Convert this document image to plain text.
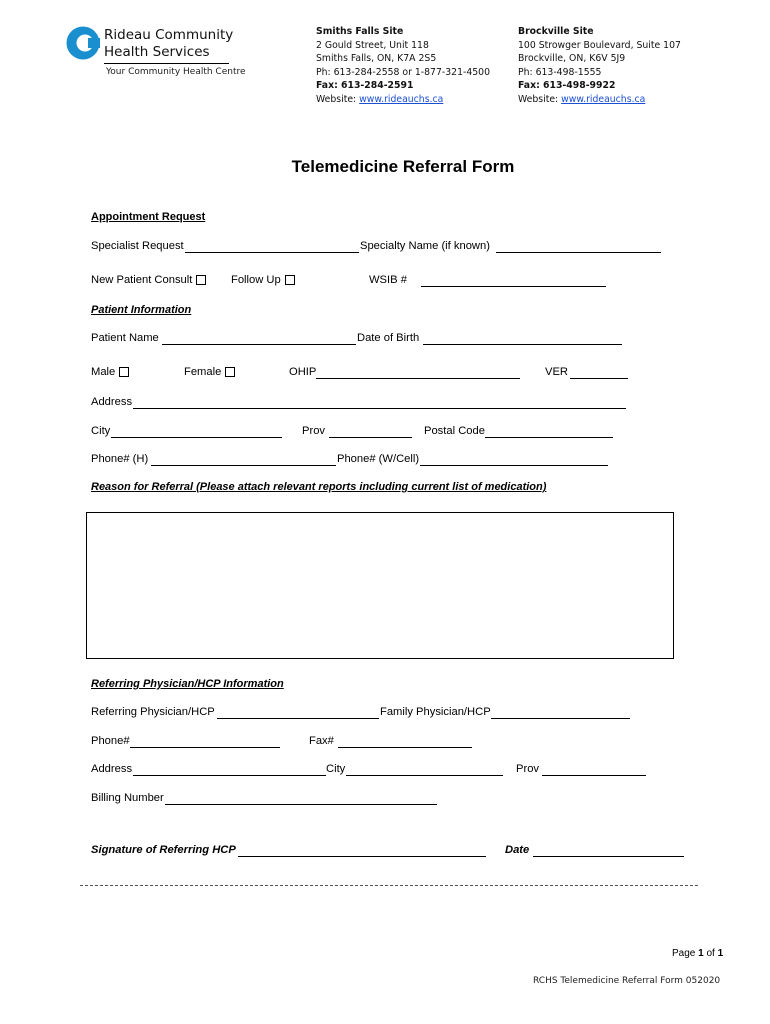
Rideau Community
Health Services
Your Community Health Centre
Smiths Falls Site
2 Gould Street, Unit 118
Smiths Falls, ON, K7A 2S5
Ph: 613-284-2558 or 1-877-321-4500
Fax: 613-284-2591
Website: www.rideauchs.ca
Brockville Site
100 Strowger Boulevard, Suite 107
Brockville, ON, K6V 5J9
Ph: 613-498-1555
Fax: 613-498-9922
Website: www.rideauchs.ca
Telemedicine Referral Form
Appointment Request
Specialist Request	Specialty Name (if known)
New Patient Consult	Follow Up	WSIB #
Patient Information
Patient Name	Date of Birth
Male	Female	OHIP	VER
Address
City	Prov	Postal Code
Phone# (H)	Phone# (W/Cell)
Reason for Referral (Please attach relevant reports including current list of medication)
Referring Physician/HCP Information
Referring Physician/HCP	Family Physician/HCP
Phone#	Fax#
Address	City	Prov
Billing Number
Signature of Referring HCP	Date
Page 1 of 1
RCHS Telemedicine Referral Form 052020
